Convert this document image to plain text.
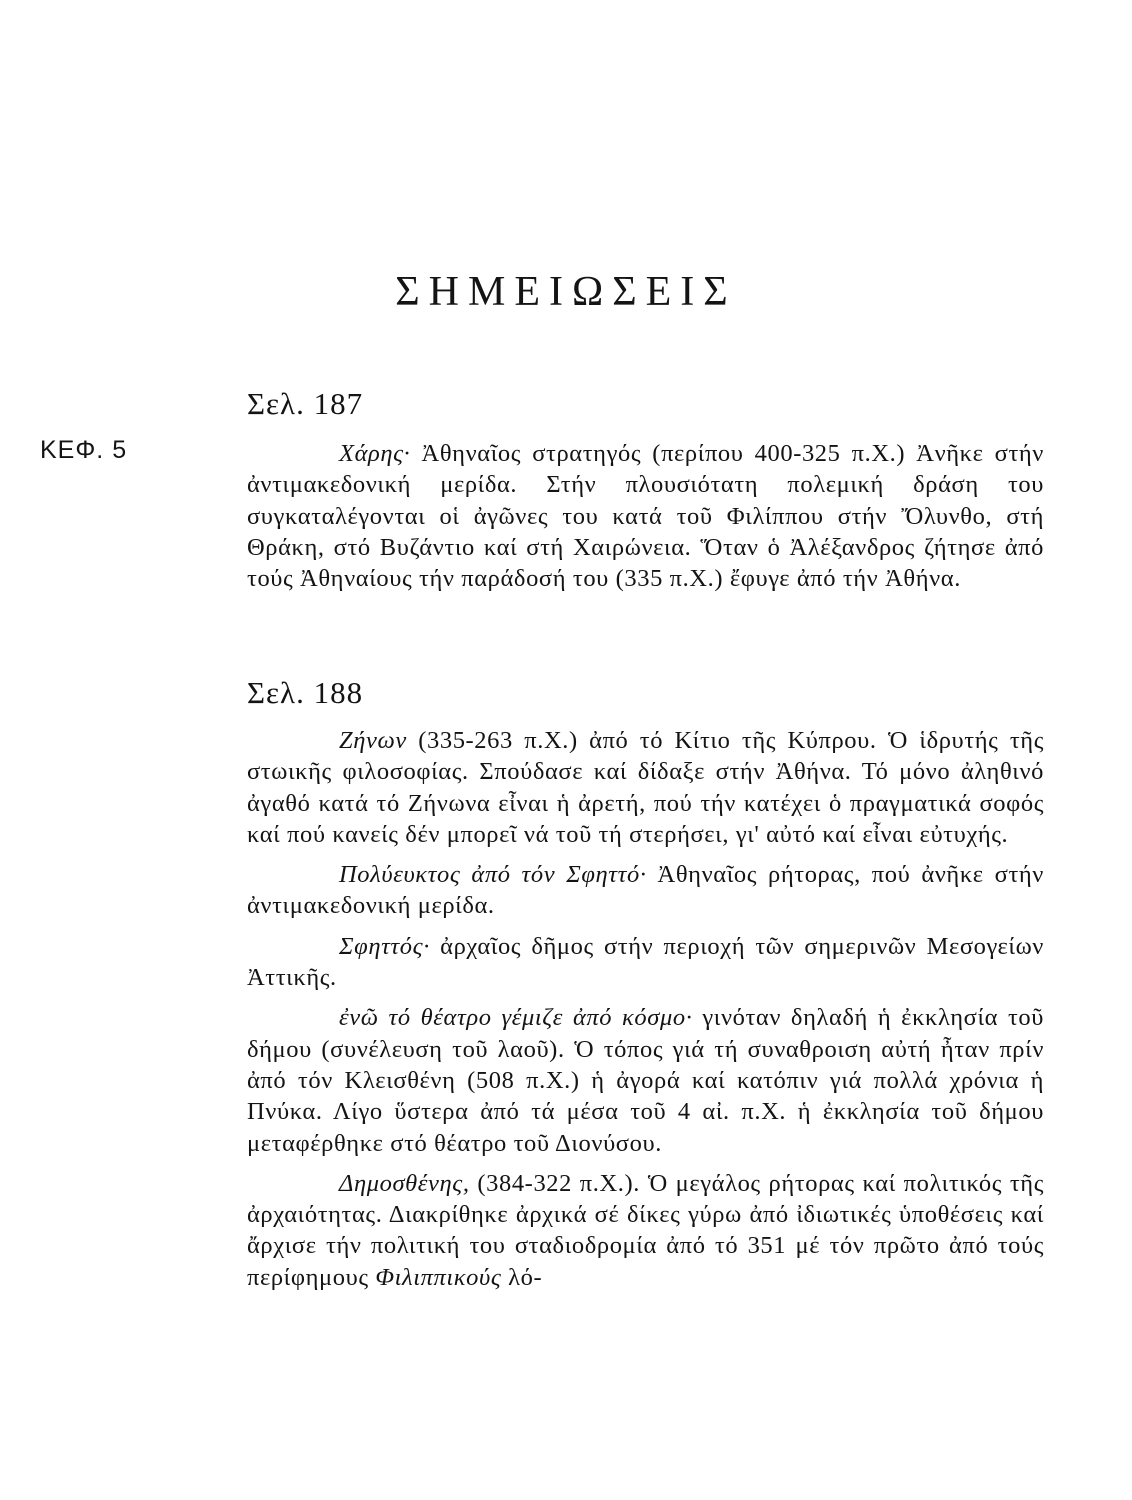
ΣΗΜΕΙΩΣΕΙΣ
ΚΕΦ. 5
Σελ. 187

Χάρης· Ἀθηναῖος στρατηγός (περίπου 400-325 π.Χ.) Ἀνῆκε στήν ἀντιμακεδονική μερίδα. Στήν πλουσιότατη πολεμική δράση του συγκαταλέγονται οἱ ἀγῶνες του κατά τοῦ Φιλίππου στήν Ὄλυνθο, στή Θράκη, στό Βυζάντιο καί στή Χαιρώνεια. Ὅταν ὁ Ἀλέξανδρος ζήτησε ἀπό τούς Ἀθηναίους τήν παράδοσή του (335 π.Χ.) ἔφυγε ἀπό τήν Ἀθήνα.

Σελ. 188

Ζήνων (335-263 π.Χ.) ἀπό τό Κίτιο τῆς Κύπρου. Ὁ ἱδρυτής τῆς στωικῆς φιλοσοφίας. Σπούδασε καί δίδαξε στήν Ἀθήνα. Τό μόνο ἀληθινό ἀγαθό κατά τό Ζήνωνα εἶναι ἡ ἀρετή, πού τήν κατέχει ὁ πραγματικά σοφός καί πού κανείς δέν μπορεῖ νά τοῦ τή στερήσει, γι' αὐτό καί εἶναι εὐτυχής.

Πολύευκτος ἀπό τόν Σφηττό· Ἀθηναῖος ρήτορας, πού ἀνῆκε στήν ἀντιμακεδονική μερίδα.

Σφηττός· ἀρχαῖος δῆμος στήν περιοχή τῶν σημερινῶν Μεσογείων Ἀττικῆς.

ἐνῶ τό θέατρο γέμιζε ἀπό κόσμο· γινόταν δηλαδή ἡ ἐκκλησία τοῦ δήμου (συνέλευση τοῦ λαοῦ). Ὁ τόπος γιά τή συναθροιση αὐτή ἦταν πρίν ἀπό τόν Κλεισθένη (508 π.Χ.) ἡ ἀγορά καί κατόπιν γιά πολλά χρόνια ἡ Πνύκα. Λίγο ὕστερα ἀπό τά μέσα τοῦ 4 αἰ. π.Χ. ἡ ἐκκλησία τοῦ δήμου μεταφέρθηκε στό θέατρο τοῦ Διονύσου.

Δημοσθένης, (384-322 π.Χ.). Ὁ μεγάλος ρήτορας καί πολιτικός τῆς ἀρχαιότητας. Διακρίθηκε ἀρχικά σέ δίκες γύρω ἀπό ἰδιωτικές ὑποθέσεις καί ἄρχισε τήν πολιτική του σταδιοδρομία ἀπό τό 351 μέ τόν πρῶτο ἀπό τούς περίφημους Φιλιππικούς λό-
